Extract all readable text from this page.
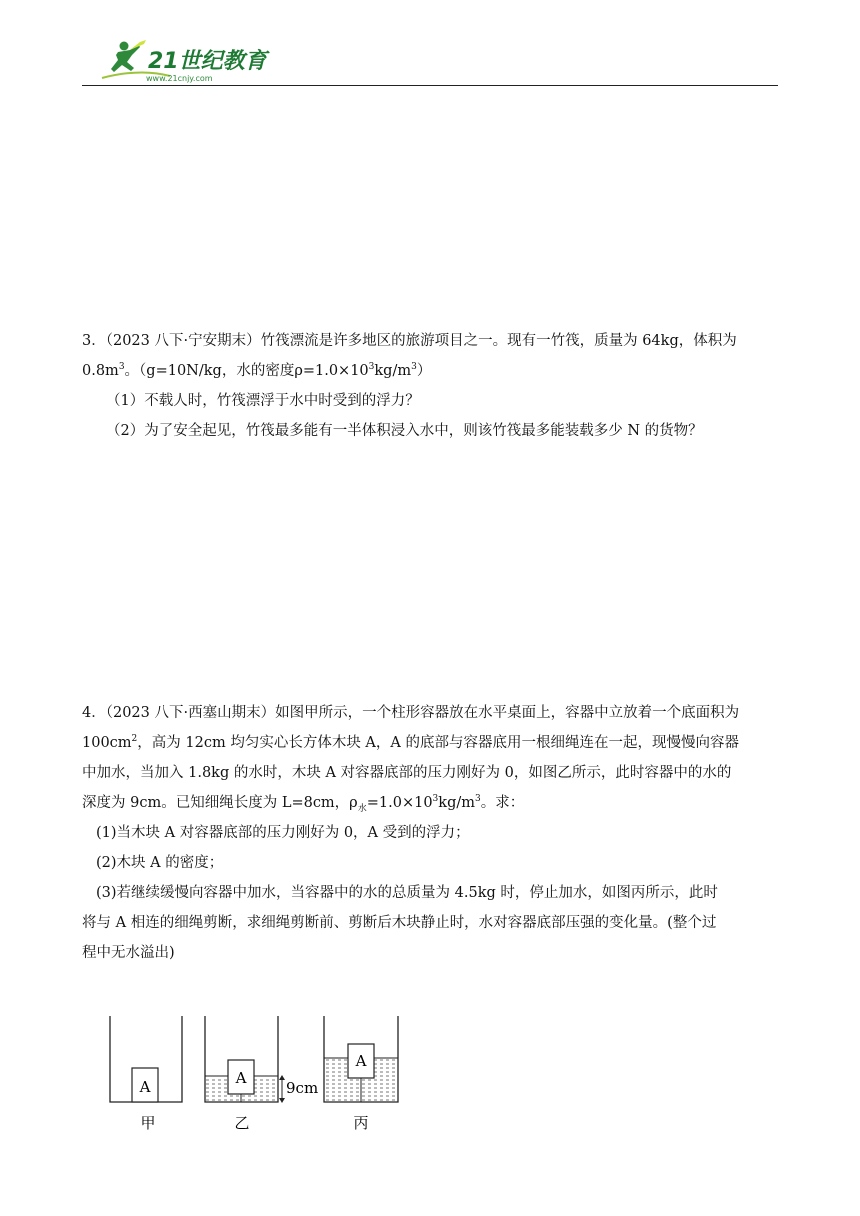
21世纪教育
www.21cnjy.com

3．（2023 八下·宁安期末）竹筏漂流是许多地区的旅游项目之一。现有一竹筏，质量为 64kg，体积为

$0.8m^3$。（g=10N/kg，水的密度$\rho=1.0\times 10^3kg/m^3$）

（1）不载人时，竹筏漂浮于水中时受到的浮力？

（2）为了安全起见，竹筏最多能有一半体积浸入水中，则该竹筏最多能装载多少 N 的货物？

4．（2023 八下·西塞山期末）如图甲所示，一个柱形容器放在水平桌面上，容器中立放着一个底面积为

$100cm^2$，高为 12cm 均匀实心长方体木块 A，A 的底部与容器底用一根细绳连在一起，现慢慢向容器

中加水，当加入 1.8kg 的水时，木块 A 对容器底部的压力刚好为 0，如图乙所示，此时容器中的水的

深度为 9cm。已知细绳长度为 L=8cm，$\rho_水=1.0\times 10^3kg/m^3$。求：

(1)当木块 A 对容器底部的压力刚好为 0，A 受到的浮力；

(2)木块 A 的密度；

(3)若继续缓慢向容器中加水，当容器中的水的总质量为 4.5kg 时，停止加水，如图丙所示，此时

将与 A 相连的细绳剪断，求细绳剪断前、剪断后木块静止时，水对容器底部压强的变化量。(整个过

程中无水溢出)

A
甲
A
9cm
乙
A
丙
